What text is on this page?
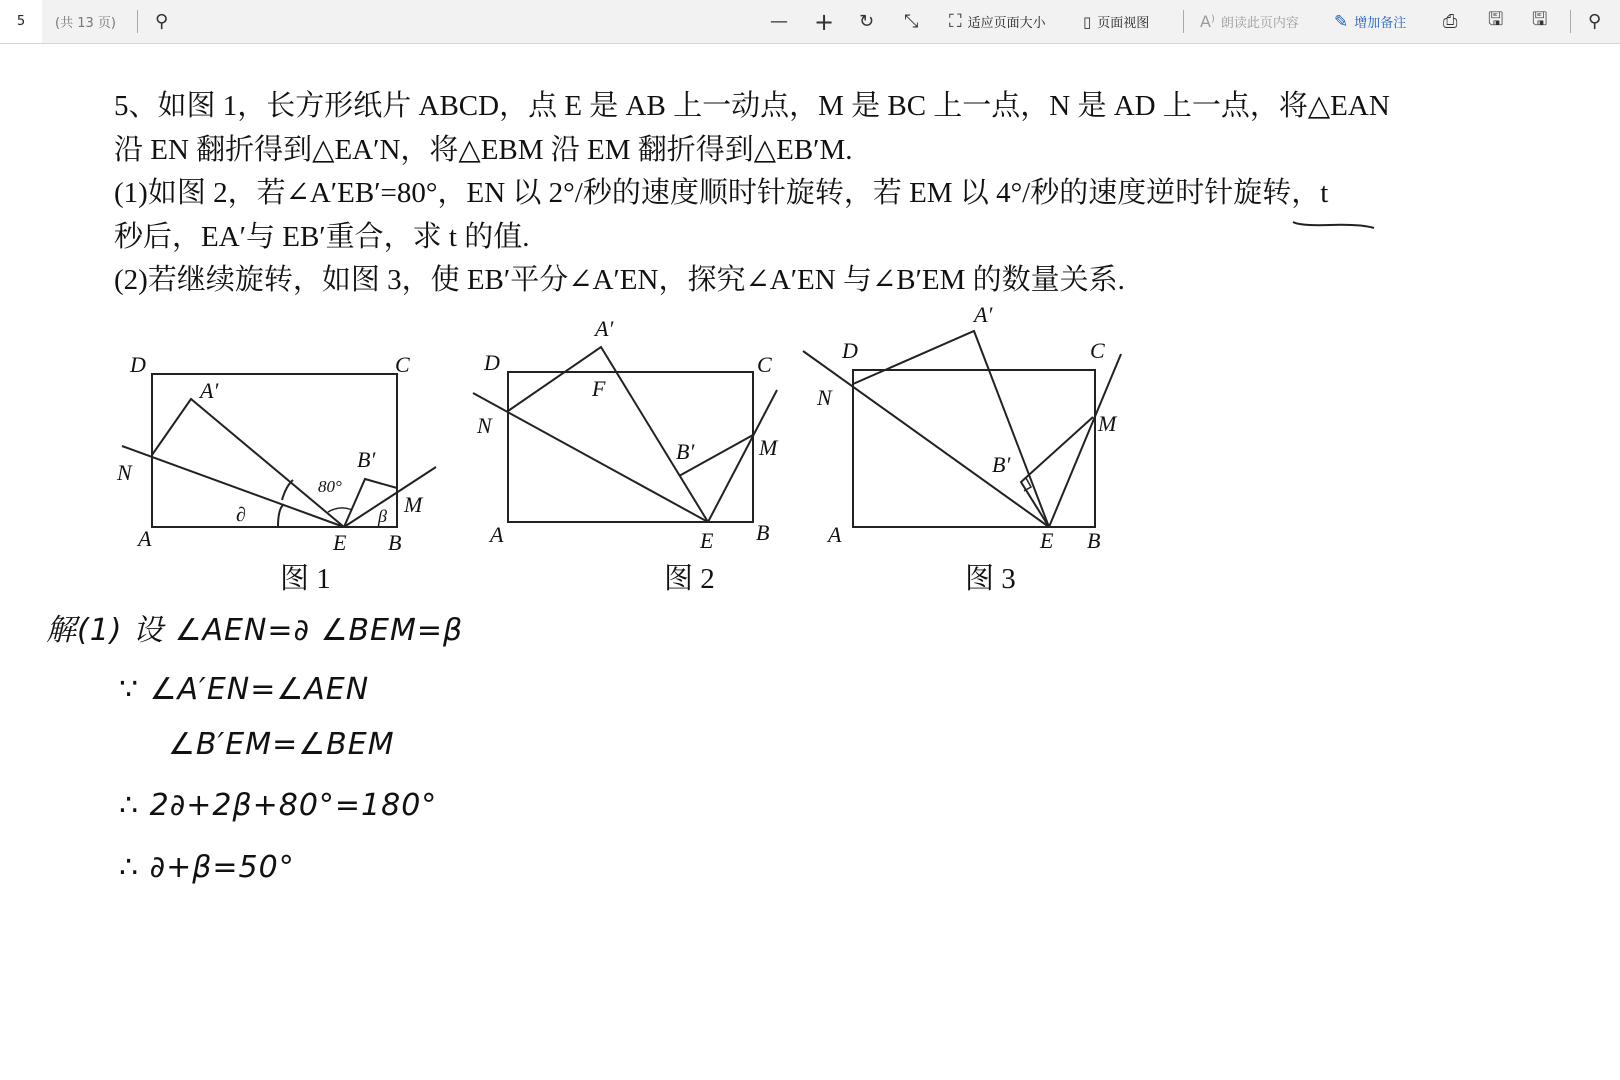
5 (共 13 页) ⚲	— + ↻ ⤡ ⛶ 适应页面大小 ▯ 页面视图	A⁾ 朗读此页内容 ✎ 增加备注 ⎙ 🖫 🖫 ⚲
5、如图 1，长方形纸片 ABCD，点 E 是 AB 上一动点，M 是 BC 上一点，N 是 AD 上一点，将△EAN
沿 EN 翻折得到△EA′N，将△EBM 沿 EM 翻折得到△EB′M.
(1)如图 2，若∠A′EB′=80°，EN 以 2°/秒的速度顺时针旋转，若 EM 以 4°/秒的速度逆时针旋转，t
秒后，EA′与 EB′重合，求 t 的值.
(2)若继续旋转，如图 3，使 EB′平分∠A′EN，探究∠A′EN 与∠B′EM 的数量关系.
D	C
A′
N
B′
M
A	E B
80°
∂	β
D	C
A′
F
N
B′	M
A	E B
D	C
A′
N
B′
M
A	E B
图 1	图 2	图 3
解(1) 设 ∠AEN=∂ ∠BEM=β
∵ ∠A′EN=∠AEN
∠B′EM=∠BEM
∴ 2∂+2β+80°=180°
∴ ∂+β=50°
